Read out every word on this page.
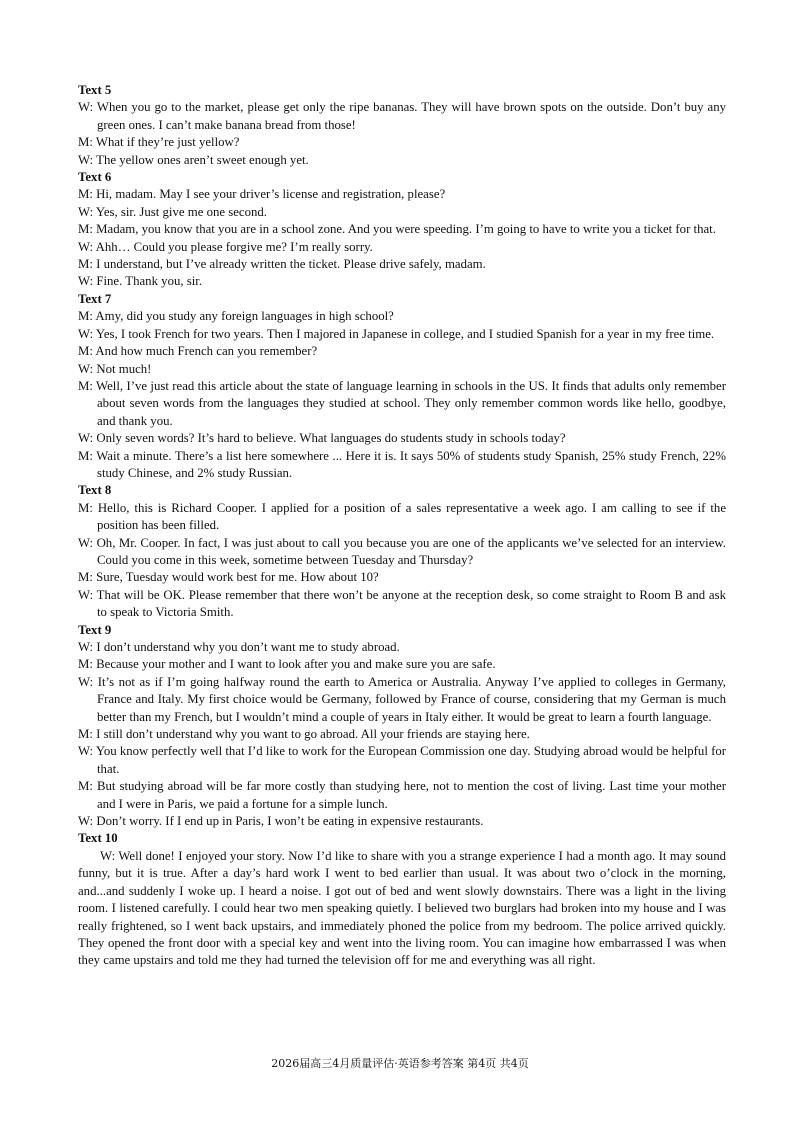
Text 5

W: When you go to the market, please get only the ripe bananas. They will have brown spots on the outside. Don’t buy any green ones. I can’t make banana bread from those!

M: What if they’re just yellow?

W: The yellow ones aren’t sweet enough yet.

Text 6

M: Hi, madam. May I see your driver’s license and registration, please?

W: Yes, sir. Just give me one second.

M: Madam, you know that you are in a school zone. And you were speeding. I’m going to have to write you a ticket for that.

W: Ahh… Could you please forgive me? I’m really sorry.

M: I understand, but I’ve already written the ticket. Please drive safely, madam.

W: Fine. Thank you, sir.

Text 7

M: Amy, did you study any foreign languages in high school?

W: Yes, I took French for two years. Then I majored in Japanese in college, and I studied Spanish for a year in my free time.

M: And how much French can you remember?

W: Not much!

M: Well, I’ve just read this article about the state of language learning in schools in the US. It finds that adults only remember about seven words from the languages they studied at school. They only remember common words like hello, goodbye, and thank you.

W: Only seven words? It’s hard to believe. What languages do students study in schools today?

M: Wait a minute. There’s a list here somewhere ... Here it is. It says 50% of students study Spanish, 25% study French, 22% study Chinese, and 2% study Russian.

Text 8

M: Hello, this is Richard Cooper. I applied for a position of a sales representative a week ago. I am calling to see if the position has been filled.

W: Oh, Mr. Cooper. In fact, I was just about to call you because you are one of the applicants we’ve selected for an interview. Could you come in this week, sometime between Tuesday and Thursday?

M: Sure, Tuesday would work best for me. How about 10?

W: That will be OK. Please remember that there won’t be anyone at the reception desk, so come straight to Room B and ask to speak to Victoria Smith.

Text 9

W: I don’t understand why you don’t want me to study abroad.

M: Because your mother and I want to look after you and make sure you are safe.

W: It’s not as if I’m going halfway round the earth to America or Australia. Anyway I’ve applied to colleges in Germany, France and Italy. My first choice would be Germany, followed by France of course, considering that my German is much better than my French, but I wouldn’t mind a couple of years in Italy either. It would be great to learn a fourth language.

M: I still don’t understand why you want to go abroad. All your friends are staying here.

W: You know perfectly well that I’d like to work for the European Commission one day. Studying abroad would be helpful for that.

M: But studying abroad will be far more costly than studying here, not to mention the cost of living. Last time your mother and I were in Paris, we paid a fortune for a simple lunch.

W: Don’t worry. If I end up in Paris, I won’t be eating in expensive restaurants.

Text 10

W: Well done! I enjoyed your story. Now I’d like to share with you a strange experience I had a month ago. It may sound funny, but it is true. After a day’s hard work I went to bed earlier than usual. It was about two o’clock in the morning, and...and suddenly I woke up. I heard a noise. I got out of bed and went slowly downstairs. There was a light in the living room. I listened carefully. I could hear two men speaking quietly. I believed two burglars had broken into my house and I was really frightened, so I went back upstairs, and immediately phoned the police from my bedroom. The police arrived quickly. They opened the front door with a special key and went into the living room. You can imagine how embarrassed I was when they came upstairs and told me they had turned the television off for me and everything was all right.

2026届高三4月质量评估·英语参考答案 第4页 共4页
